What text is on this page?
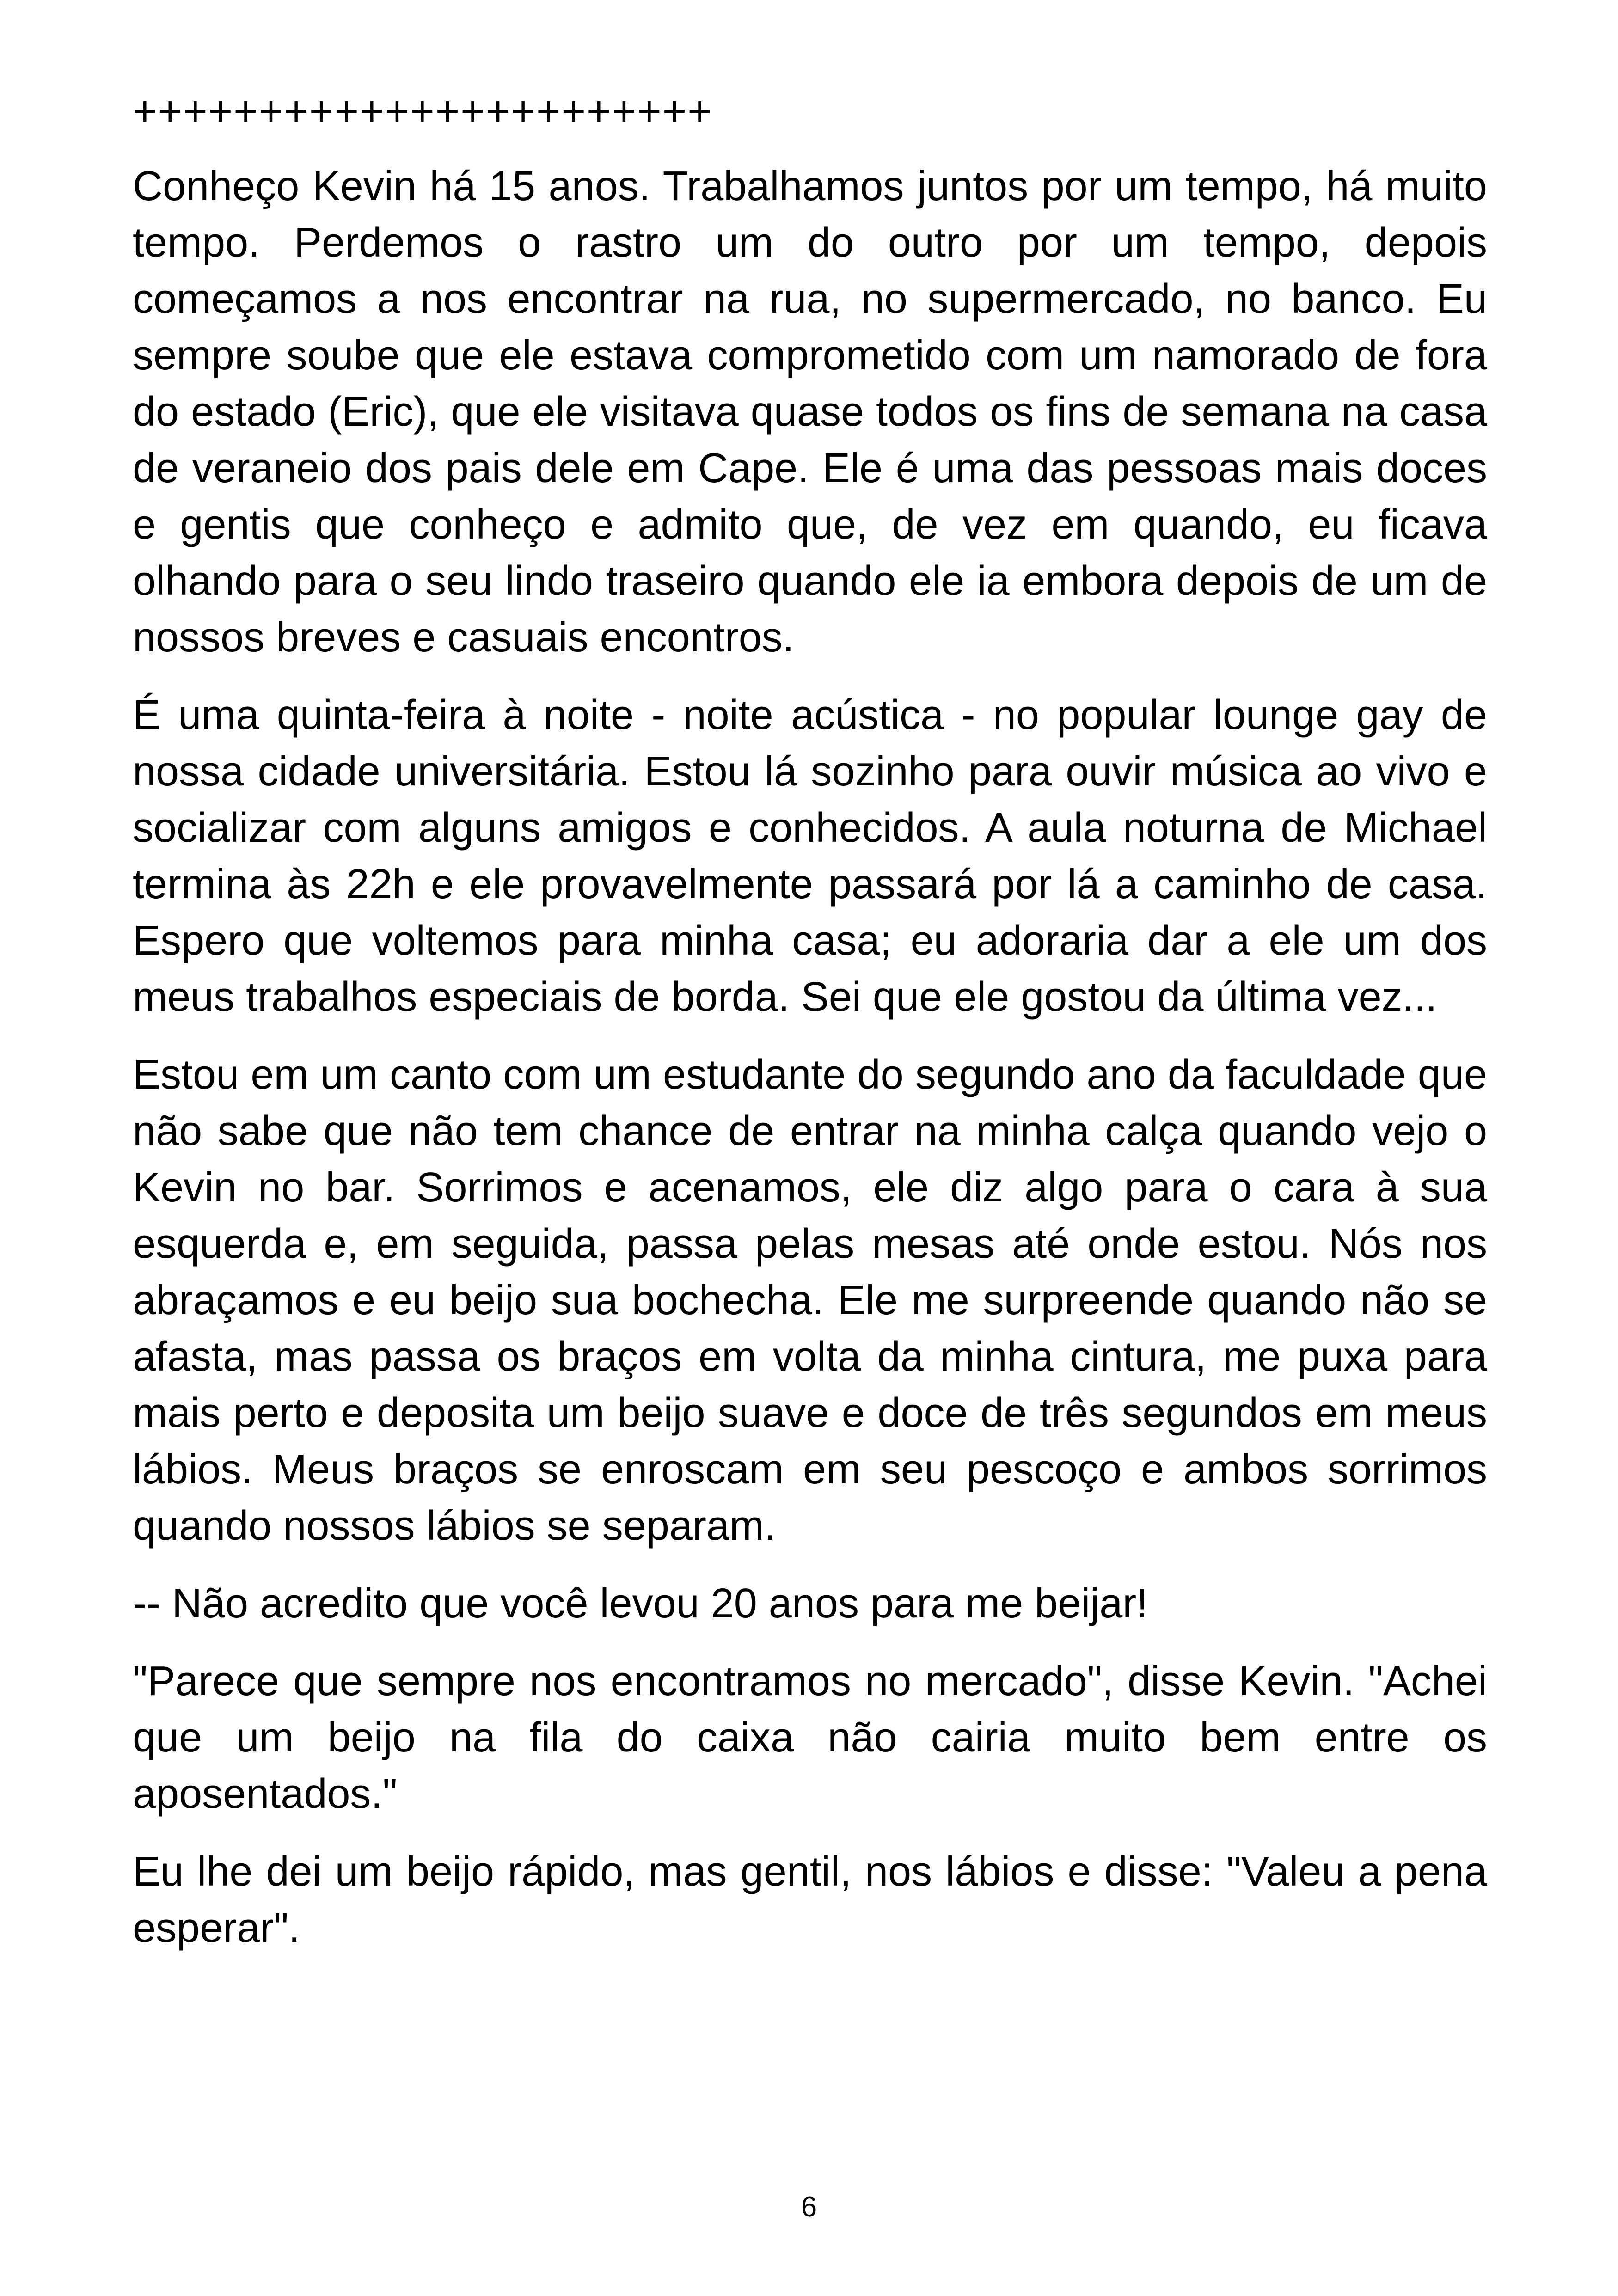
+++++++++++++++++++++++

Conheço Kevin há 15 anos. Trabalhamos juntos por um tempo, há muito tempo. Perdemos o rastro um do outro por um tempo, depois começamos a nos encontrar na rua, no supermercado, no banco. Eu sempre soube que ele estava comprometido com um namorado de fora do estado (Eric), que ele visitava quase todos os fins de semana na casa de veraneio dos pais dele em Cape. Ele é uma das pessoas mais doces e gentis que conheço e admito que, de vez em quando, eu ficava olhando para o seu lindo traseiro quando ele ia embora depois de um de nossos breves e casuais encontros.

É uma quinta-feira à noite - noite acústica - no popular lounge gay de nossa cidade universitária. Estou lá sozinho para ouvir música ao vivo e socializar com alguns amigos e conhecidos. A aula noturna de Michael termina às 22h e ele provavelmente passará por lá a caminho de casa. Espero que voltemos para minha casa; eu adoraria dar a ele um dos meus trabalhos especiais de borda. Sei que ele gostou da última vez...

Estou em um canto com um estudante do segundo ano da faculdade que não sabe que não tem chance de entrar na minha calça quando vejo o Kevin no bar. Sorrimos e acenamos, ele diz algo para o cara à sua esquerda e, em seguida, passa pelas mesas até onde estou. Nós nos abraçamos e eu beijo sua bochecha. Ele me surpreende quando não se afasta, mas passa os braços em volta da minha cintura, me puxa para mais perto e deposita um beijo suave e doce de três segundos em meus lábios. Meus braços se enroscam em seu pescoço e ambos sorrimos quando nossos lábios se separam.

-- Não acredito que você levou 20 anos para me beijar!

"Parece que sempre nos encontramos no mercado", disse Kevin. "Achei que um beijo na fila do caixa não cairia muito bem entre os aposentados."

Eu lhe dei um beijo rápido, mas gentil, nos lábios e disse: "Valeu a pena esperar".

6
